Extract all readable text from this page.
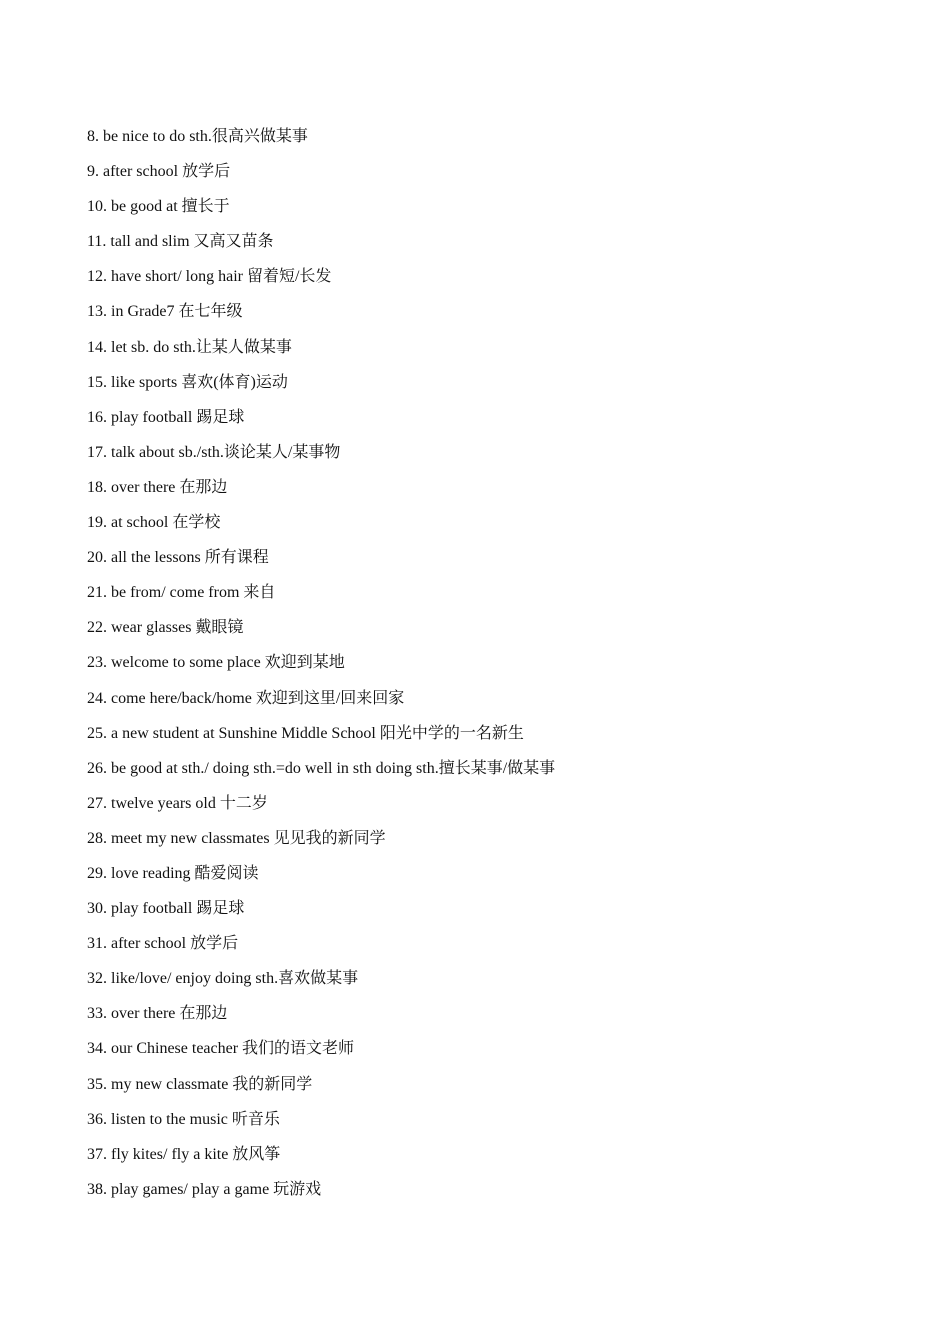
8. be nice to do sth.很高兴做某事
9. after school 放学后
10. be good at 擅长于
11. tall and slim 又高又苗条
12. have short/ long hair 留着短/长发
13. in Grade7 在七年级
14. let sb. do sth.让某人做某事
15. like sports 喜欢(体育)运动
16. play football 踢足球
17. talk about sb./sth.谈论某人/某事物
18. over there 在那边
19. at school 在学校
20. all the lessons 所有课程
21. be from/ come from 来自
22. wear glasses 戴眼镜
23. welcome to some place 欢迎到某地
24. come here/back/home 欢迎到这里/回来回家
25. a new student at Sunshine Middle School 阳光中学的一名新生
26. be good at sth./ doing sth.=do well in sth doing sth.擅长某事/做某事
27. twelve years old 十二岁
28. meet my new classmates 见见我的新同学
29. love reading 酷爱阅读
30. play football 踢足球
31. after school 放学后
32. like/love/ enjoy doing sth.喜欢做某事
33. over there 在那边
34. our Chinese teacher 我们的语文老师
35. my new classmate 我的新同学
36. listen to the music 听音乐
37. fly kites/ fly a kite 放风筝
38. play games/ play a game 玩游戏
